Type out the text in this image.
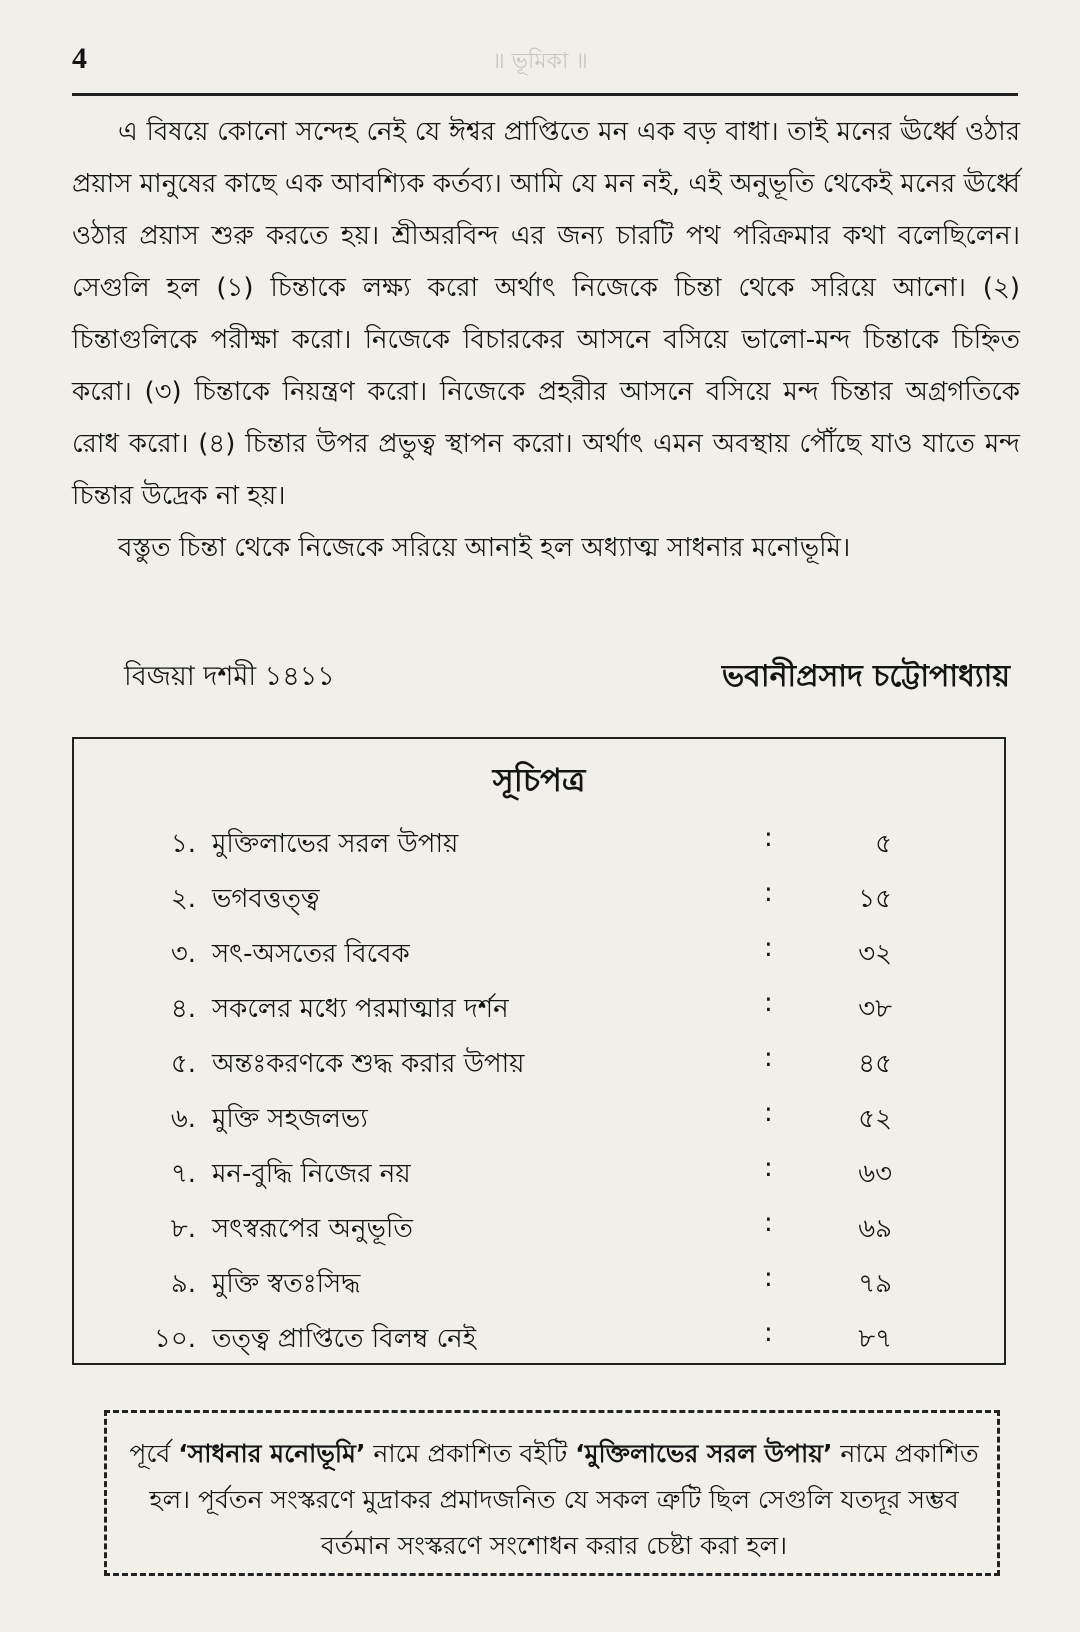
4	॥ ভূমিকা ॥

এ বিষয়ে কোনো সন্দেহ নেই যে ঈশ্বর প্রাপ্তিতে মন এক বড় বাধা। তাই মনের ঊর্ধ্বে ওঠার প্রয়াস মানুষের কাছে এক আবশ্যিক কর্তব্য। আমি যে মন নই, এই অনুভূতি থেকেই মনের ঊর্ধ্বে ওঠার প্রয়াস শুরু করতে হয়। শ্রীঅরবিন্দ এর জন্য চারটি পথ পরিক্রমার কথা বলেছিলেন। সেগুলি হল (১) চিন্তাকে লক্ষ্য করো অর্থাৎ নিজেকে চিন্তা থেকে সরিয়ে আনো। (২) চিন্তাগুলিকে পরীক্ষা করো। নিজেকে বিচারকের আসনে বসিয়ে ভালো-মন্দ চিন্তাকে চিহ্নিত করো। (৩) চিন্তাকে নিয়ন্ত্রণ করো। নিজেকে প্রহরীর আসনে বসিয়ে মন্দ চিন্তার অগ্রগতিকে রোধ করো। (৪) চিন্তার উপর প্রভুত্ব স্থাপন করো। অর্থাৎ এমন অবস্থায় পৌঁছে যাও যাতে মন্দ চিন্তার উদ্রেক না হয়।

বস্তুত চিন্তা থেকে নিজেকে সরিয়ে আনাই হল অধ্যাত্ম সাধনার মনোভূমি।

বিজয়া দশমী ১৪১১	ভবানীপ্রসাদ চট্টোপাধ্যায়
সূচিপত্র
১. মুক্তিলাভের সরল উপায়	:	৫
২. ভগবত্তত্ত্ব	:	১৫
৩. সৎ-অসতের বিবেক	:	৩২
৪. সকলের মধ্যে পরমাত্মার দর্শন	:	৩৮
৫. অন্তঃকরণকে শুদ্ধ করার উপায়	:	৪৫
৬. মুক্তি সহজলভ্য	:	৫২
৭. মন-বুদ্ধি নিজের নয়	:	৬৩
৮. সৎস্বরূপের অনুভূতি	:	৬৯
৯. মুক্তি স্বতঃসিদ্ধ	:	৭৯
১০. তত্ত্ব প্রাপ্তিতে বিলম্ব নেই	:	৮৭
পূর্বে ‘সাধনার মনোভূমি’ নামে প্রকাশিত বইটি ‘মুক্তিলাভের সরল উপায়’ নামে প্রকাশিত হল। পূর্বতন সংস্করণে মুদ্রাকর প্রমাদজনিত যে সকল ত্রুটি ছিল সেগুলি যতদূর সম্ভব বর্তমান সংস্করণে সংশোধন করার চেষ্টা করা হল।
